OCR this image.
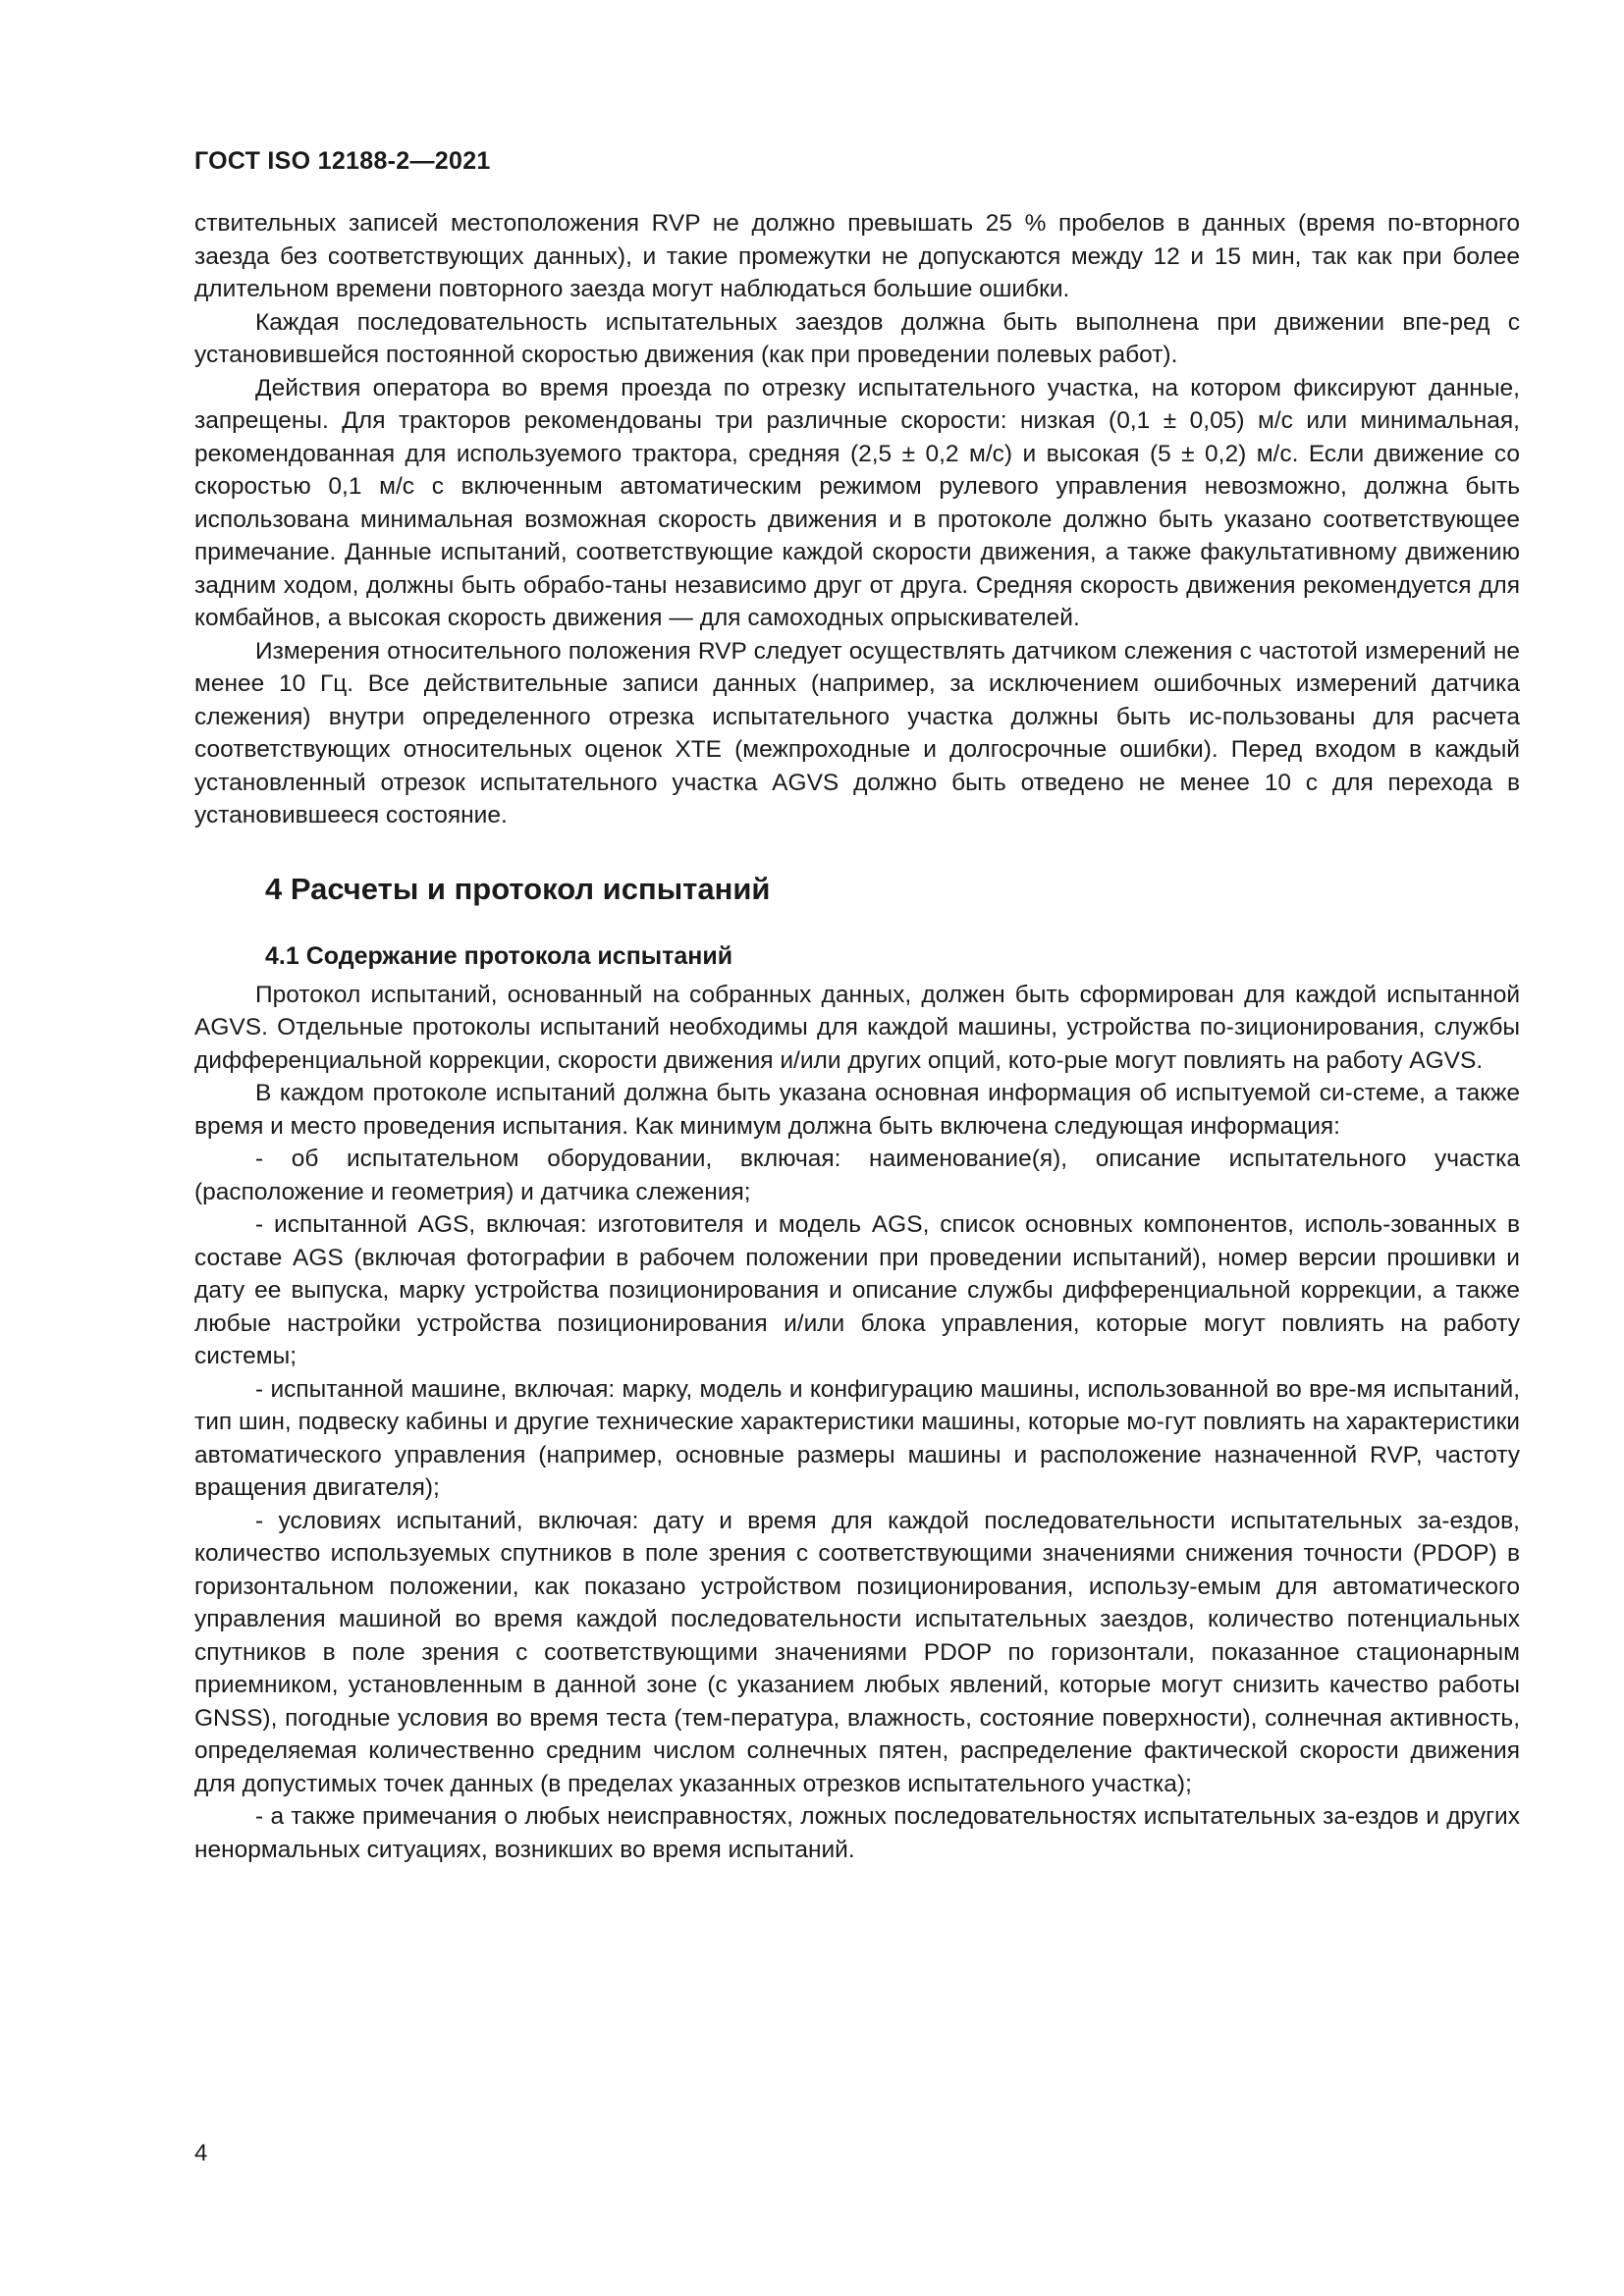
ГОСТ ISO 12188-2—2021

ствительных записей местоположения RVP не должно превышать 25 % пробелов в данных (время по-вторного заезда без соответствующих данных), и такие промежутки не допускаются между 12 и 15 мин, так как при более длительном времени повторного заезда могут наблюдаться большие ошибки.

Каждая последовательность испытательных заездов должна быть выполнена при движении впе-ред с установившейся постоянной скоростью движения (как при проведении полевых работ).

Действия оператора во время проезда по отрезку испытательного участка, на котором фиксируют данные, запрещены. Для тракторов рекомендованы три различные скорости: низкая (0,1 ± 0,05) м/с или минимальная, рекомендованная для используемого трактора, средняя (2,5 ± 0,2 м/с) и высокая (5 ± 0,2) м/с. Если движение со скоростью 0,1 м/с с включенным автоматическим режимом рулевого управления невозможно, должна быть использована минимальная возможная скорость движения и в протоколе должно быть указано соответствующее примечание. Данные испытаний, соответствующие каждой скорости движения, а также факультативному движению задним ходом, должны быть обрабо-таны независимо друг от друга. Средняя скорость движения рекомендуется для комбайнов, а высокая скорость движения — для самоходных опрыскивателей.

Измерения относительного положения RVP следует осуществлять датчиком слежения с частотой измерений не менее 10 Гц. Все действительные записи данных (например, за исключением ошибочных измерений датчика слежения) внутри определенного отрезка испытательного участка должны быть ис-пользованы для расчета соответствующих относительных оценок XTE (межпроходные и долгосрочные ошибки). Перед входом в каждый установленный отрезок испытательного участка AGVS должно быть отведено не менее 10 с для перехода в установившееся состояние.

4 Расчеты и протокол испытаний
4.1 Содержание протокола испытаний

Протокол испытаний, основанный на собранных данных, должен быть сформирован для каждой испытанной AGVS. Отдельные протоколы испытаний необходимы для каждой машины, устройства по-зиционирования, службы дифференциальной коррекции, скорости движения и/или других опций, кото-рые могут повлиять на работу AGVS.

В каждом протоколе испытаний должна быть указана основная информация об испытуемой си-стеме, а также время и место проведения испытания. Как минимум должна быть включена следующая информация:

- об испытательном оборудовании, включая: наименование(я), описание испытательного участка (расположение и геометрия) и датчика слежения;

- испытанной AGS, включая: изготовителя и модель AGS, список основных компонентов, исполь-зованных в составе AGS (включая фотографии в рабочем положении при проведении испытаний), номер версии прошивки и дату ее выпуска, марку устройства позиционирования и описание службы дифференциальной коррекции, а также любые настройки устройства позиционирования и/или блока управления, которые могут повлиять на работу системы;

- испытанной машине, включая: марку, модель и конфигурацию машины, использованной во вре-мя испытаний, тип шин, подвеску кабины и другие технические характеристики машины, которые мо-гут повлиять на характеристики автоматического управления (например, основные размеры машины и расположение назначенной RVP, частоту вращения двигателя);

- условиях испытаний, включая: дату и время для каждой последовательности испытательных за-ездов, количество используемых спутников в поле зрения с соответствующими значениями снижения точности (PDOP) в горизонтальном положении, как показано устройством позиционирования, использу-емым для автоматического управления машиной во время каждой последовательности испытательных заездов, количество потенциальных спутников в поле зрения с соответствующими значениями PDOP по горизонтали, показанное стационарным приемником, установленным в данной зоне (с указанием любых явлений, которые могут снизить качество работы GNSS), погодные условия во время теста (тем-пература, влажность, состояние поверхности), солнечная активность, определяемая количественно средним числом солнечных пятен, распределение фактической скорости движения для допустимых точек данных (в пределах указанных отрезков испытательного участка);

- а также примечания о любых неисправностях, ложных последовательностях испытательных за-ездов и других ненормальных ситуациях, возникших во время испытаний.

4
